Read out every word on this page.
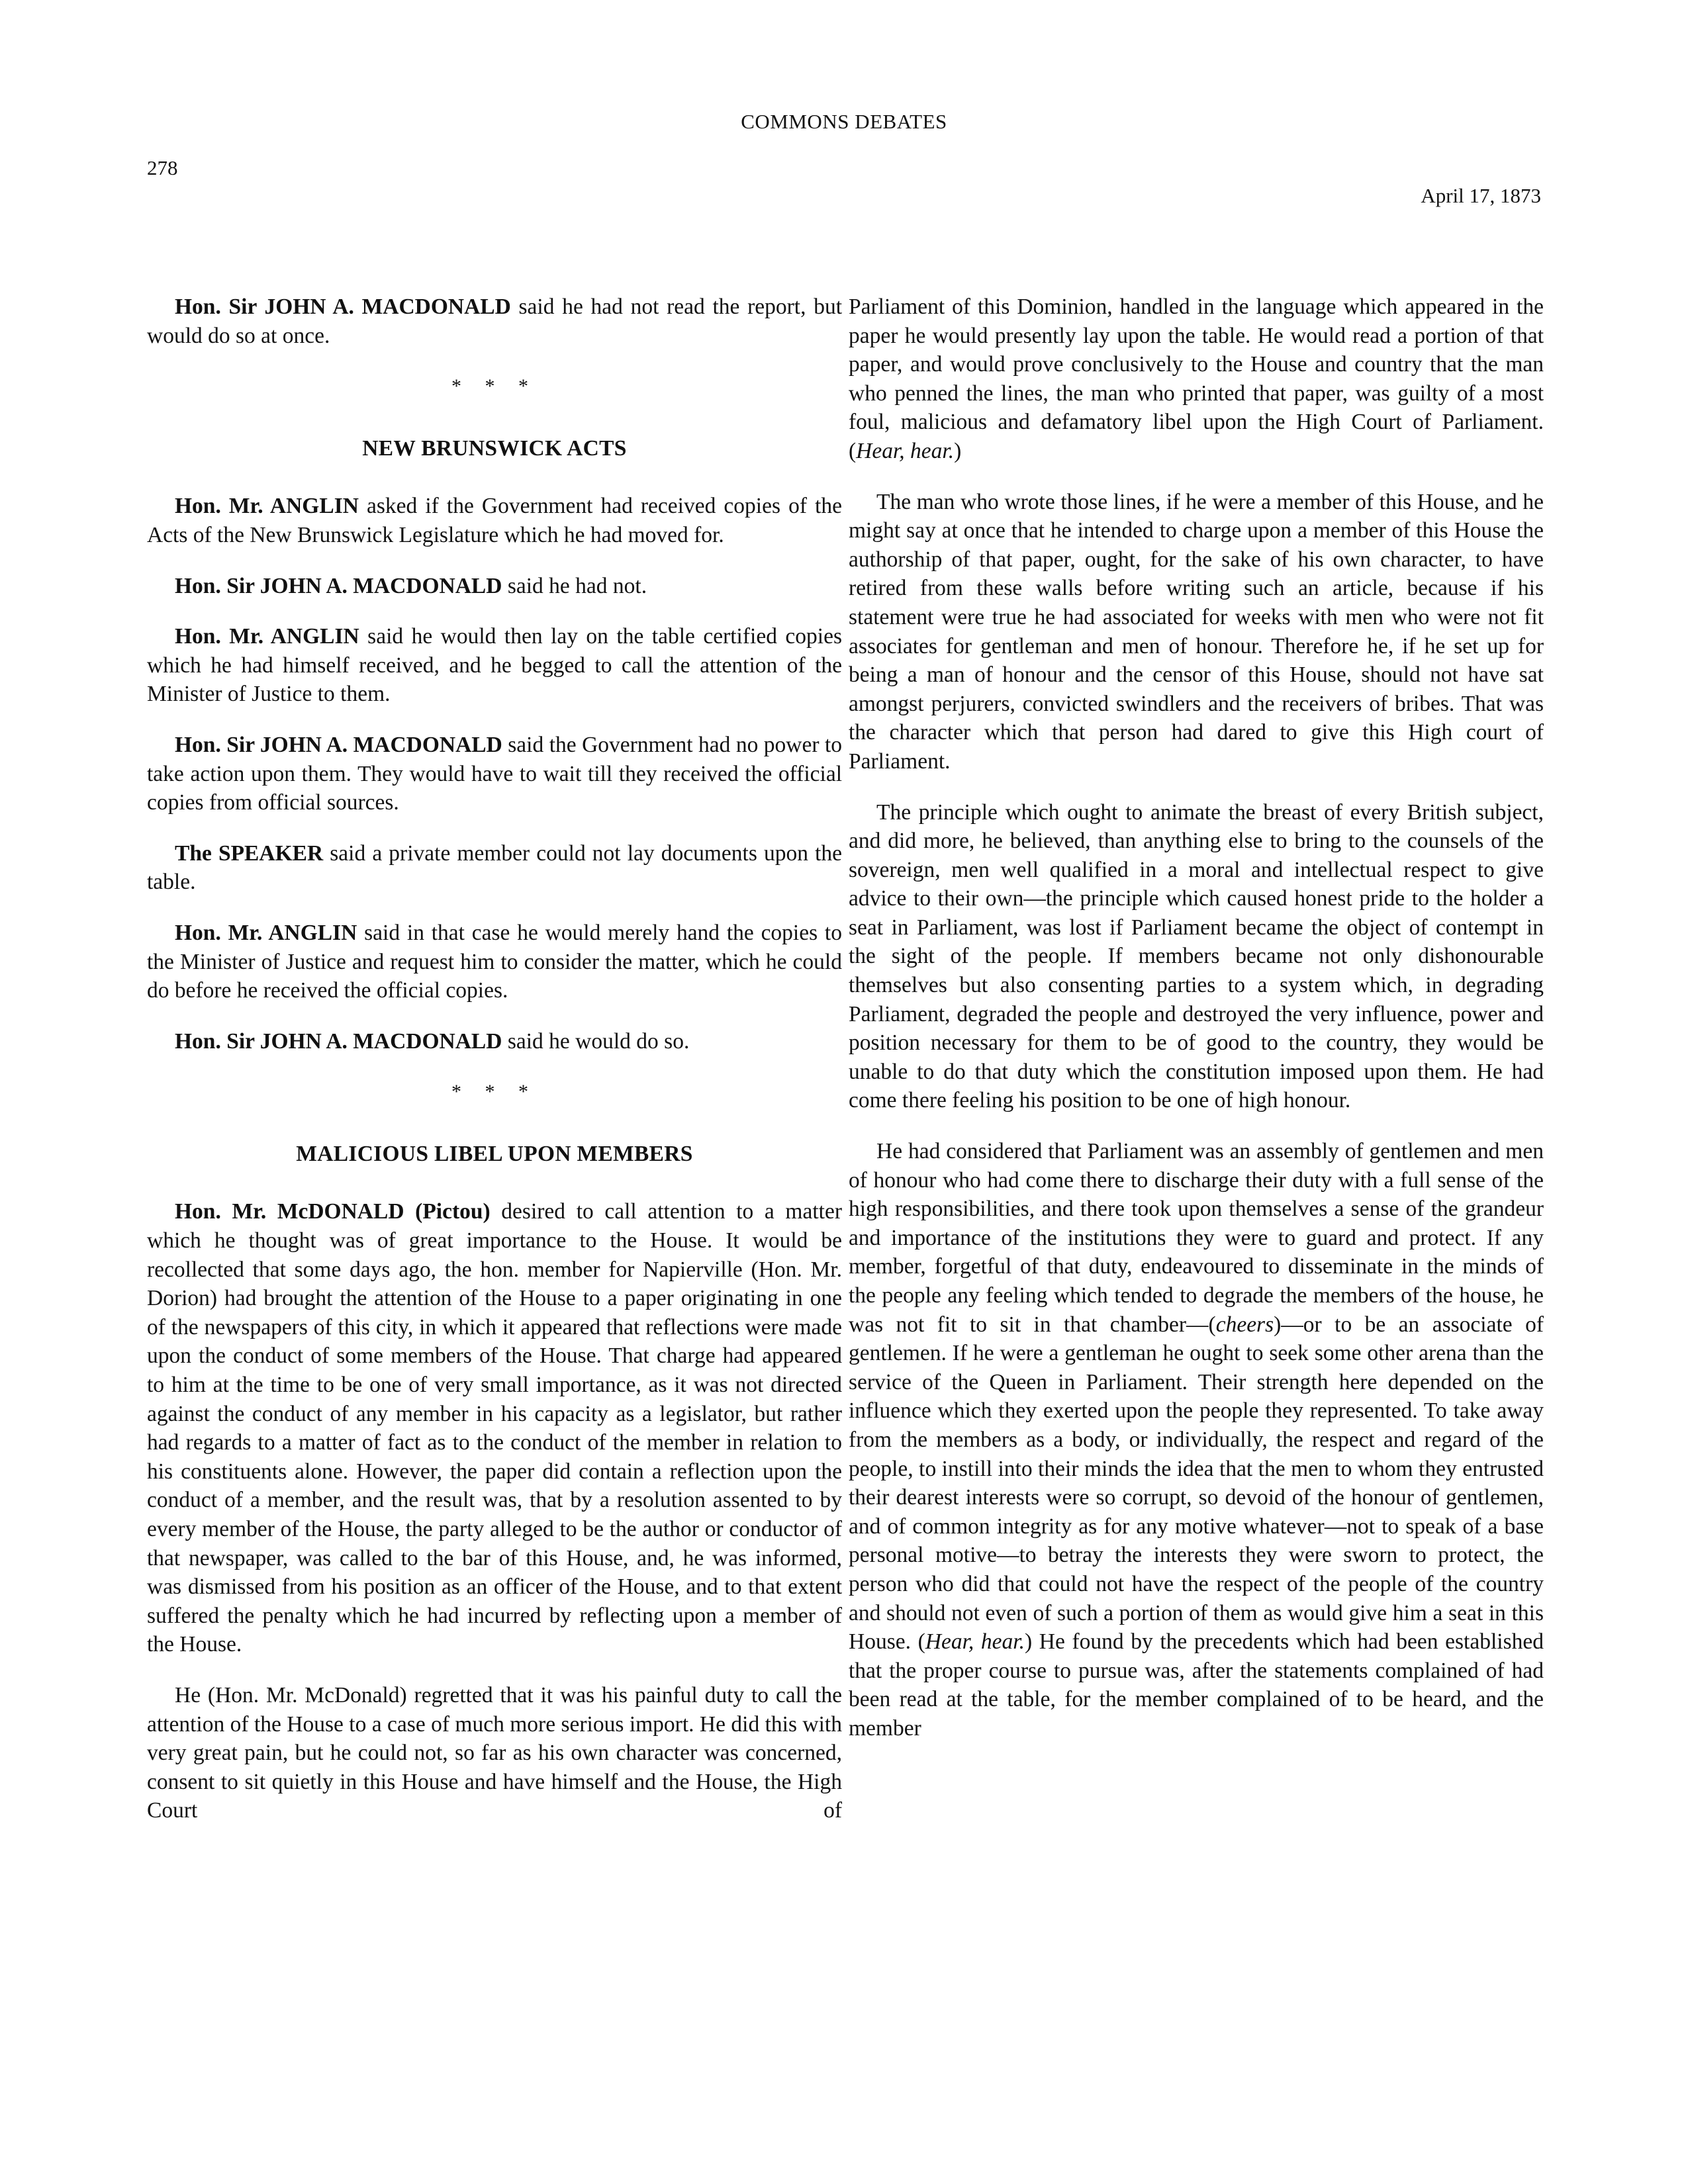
COMMONS DEBATES
278
April 17, 1873

Hon. Sir JOHN A. MACDONALD said he had not read the report, but would do so at once.

* * *
NEW BRUNSWICK ACTS

Hon. Mr. ANGLIN asked if the Government had received copies of the Acts of the New Brunswick Legislature which he had moved for.

Hon. Sir JOHN A. MACDONALD said he had not.

Hon. Mr. ANGLIN said he would then lay on the table certified copies which he had himself received, and he begged to call the attention of the Minister of Justice to them.

Hon. Sir JOHN A. MACDONALD said the Government had no power to take action upon them. They would have to wait till they received the official copies from official sources.

The SPEAKER said a private member could not lay documents upon the table.

Hon. Mr. ANGLIN said in that case he would merely hand the copies to the Minister of Justice and request him to consider the matter, which he could do before he received the official copies.

Hon. Sir JOHN A. MACDONALD said he would do so.

* * *
MALICIOUS LIBEL UPON MEMBERS

Hon. Mr. McDONALD (Pictou) desired to call attention to a matter which he thought was of great importance to the House. It would be recollected that some days ago, the hon. member for Napierville (Hon. Mr. Dorion) had brought the attention of the House to a paper originating in one of the newspapers of this city, in which it appeared that reflections were made upon the conduct of some members of the House. That charge had appeared to him at the time to be one of very small importance, as it was not directed against the conduct of any member in his capacity as a legislator, but rather had regards to a matter of fact as to the conduct of the member in relation to his constituents alone. However, the paper did contain a reflection upon the conduct of a member, and the result was, that by a resolution assented to by every member of the House, the party alleged to be the author or conductor of that newspaper, was called to the bar of this House, and, he was informed, was dismissed from his position as an officer of the House, and to that extent suffered the penalty which he had incurred by reflecting upon a member of the House.

He (Hon. Mr. McDonald) regretted that it was his painful duty to call the attention of the House to a case of much more serious import. He did this with very great pain, but he could not, so far as his own character was concerned, consent to sit quietly in this House and have himself and the House, the High Court of

Parliament of this Dominion, handled in the language which appeared in the paper he would presently lay upon the table. He would read a portion of that paper, and would prove conclusively to the House and country that the man who penned the lines, the man who printed that paper, was guilty of a most foul, malicious and defamatory libel upon the High Court of Parliament. (Hear, hear.)

The man who wrote those lines, if he were a member of this House, and he might say at once that he intended to charge upon a member of this House the authorship of that paper, ought, for the sake of his own character, to have retired from these walls before writing such an article, because if his statement were true he had associated for weeks with men who were not fit associates for gentleman and men of honour. Therefore he, if he set up for being a man of honour and the censor of this House, should not have sat amongst perjurers, convicted swindlers and the receivers of bribes. That was the character which that person had dared to give this High court of Parliament.

The principle which ought to animate the breast of every British subject, and did more, he believed, than anything else to bring to the counsels of the sovereign, men well qualified in a moral and intellectual respect to give advice to their own—the principle which caused honest pride to the holder a seat in Parliament, was lost if Parliament became the object of contempt in the sight of the people. If members became not only dishonourable themselves but also consenting parties to a system which, in degrading Parliament, degraded the people and destroyed the very influence, power and position necessary for them to be of good to the country, they would be unable to do that duty which the constitution imposed upon them. He had come there feeling his position to be one of high honour.

He had considered that Parliament was an assembly of gentlemen and men of honour who had come there to discharge their duty with a full sense of the high responsibilities, and there took upon themselves a sense of the grandeur and importance of the institutions they were to guard and protect. If any member, forgetful of that duty, endeavoured to disseminate in the minds of the people any feeling which tended to degrade the members of the house, he was not fit to sit in that chamber—(cheers)—or to be an associate of gentlemen. If he were a gentleman he ought to seek some other arena than the service of the Queen in Parliament. Their strength here depended on the influence which they exerted upon the people they represented. To take away from the members as a body, or individually, the respect and regard of the people, to instill into their minds the idea that the men to whom they entrusted their dearest interests were so corrupt, so devoid of the honour of gentlemen, and of common integrity as for any motive whatever—not to speak of a base personal motive—to betray the interests they were sworn to protect, the person who did that could not have the respect of the people of the country and should not even of such a portion of them as would give him a seat in this House. (Hear, hear.) He found by the precedents which had been established that the proper course to pursue was, after the statements complained of had been read at the table, for the member complained of to be heard, and the member
